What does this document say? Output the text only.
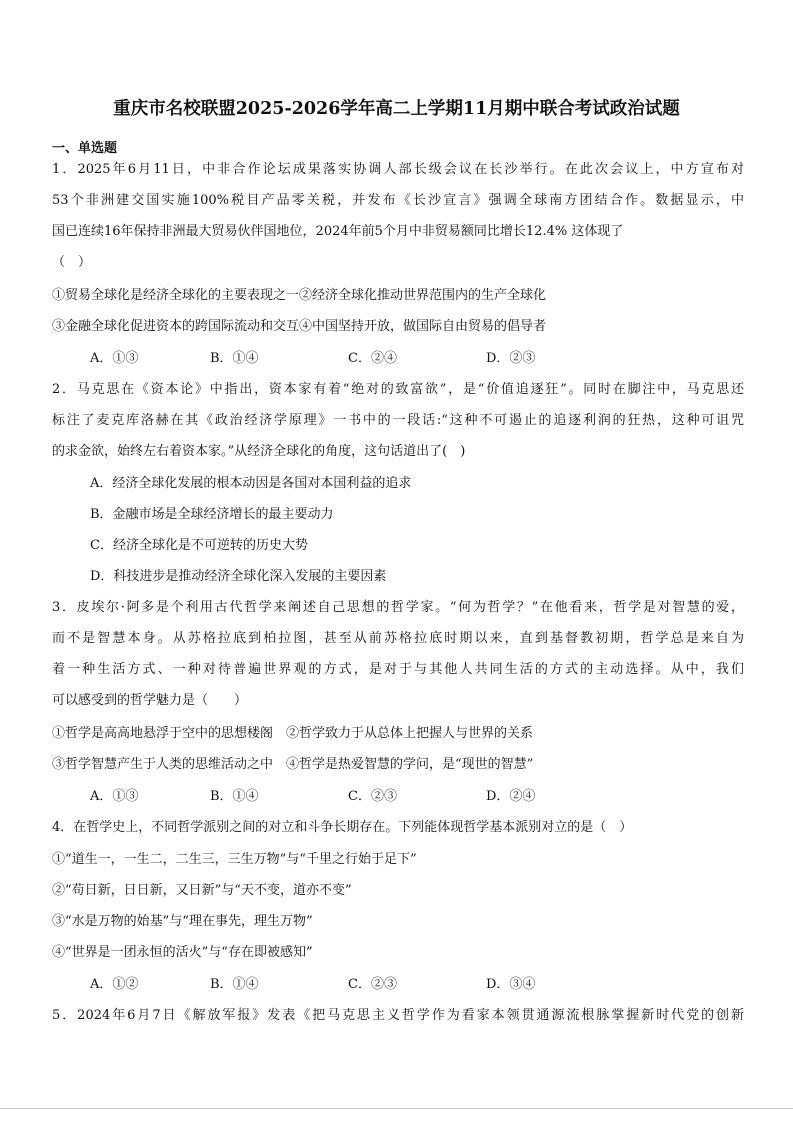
重庆市名校联盟2025-2026学年高二上学期11月期中联合考试政治试题
一、单选题
1．2025年6月11日，中非合作论坛成果落实协调人部长级会议在长沙举行。在此次会议上，中方宣布对
53个非洲建交国实施100%税目产品零关税，并发布《长沙宣言》强调全球南方团结合作。数据显示，中
国已连续16年保持非洲最大贸易伙伴国地位，2024年前5个月中非贸易额同比增长12.4% 这体现了
（　）
①贸易全球化是经济全球化的主要表现之一②经济全球化推动世界范围内的生产全球化
③金融全球化促进资本的跨国际流动和交互④中国坚持开放，做国际自由贸易的倡导者
A．①③	B．①④	C．②④	D．②③
2．马克思在《资本论》中指出，资本家有着“绝对的致富欲”，是“价值追逐狂”。同时在脚注中，马克思还
标注了麦克库洛赫在其《政治经济学原理》一书中的一段话:“这种不可遏止的追逐利润的狂热，这种可诅咒
的求金欲，始终左右着资本家。”从经济全球化的角度，这句话道出了(　)
A．经济全球化发展的根本动因是各国对本国利益的追求
B．金融市场是全球经济增长的最主要动力
C．经济全球化是不可逆转的历史大势
D．科技进步是推动经济全球化深入发展的主要因素
3．皮埃尔·阿多是个利用古代哲学来阐述自己思想的哲学家。“何为哲学？”在他看来，哲学是对智慧的爱，
而不是智慧本身。从苏格拉底到柏拉图，甚至从前苏格拉底时期以来，直到基督教初期，哲学总是来自为
着一种生活方式、一种对待普遍世界观的方式，是对于与其他人共同生活的方式的主动选择。从中，我们
可以感受到的哲学魅力是（　　）
①哲学是高高地悬浮于空中的思想楼阁　②哲学致力于从总体上把握人与世界的关系
③哲学智慧产生于人类的思维活动之中　④哲学是热爱智慧的学问，是“现世的智慧”
A．①③	B．①④	C．②③	D．②④
4．在哲学史上，不同哲学派别之间的对立和斗争长期存在。下列能体现哲学基本派别对立的是（　）
①“道生一，一生二，二生三，三生万物”与“千里之行始于足下”
②“苟日新，日日新，又日新”与“天不变，道亦不变”
③“水是万物的始基”与“理在事先，理生万物”
④“世界是一团永恒的活火”与“存在即被感知”
A．①②	B．①④	C．②③	D．③④
5．2024年6月7日《解放军报》发表《把马克思主义哲学作为看家本领贯通源流根脉掌握新时代党的创新
